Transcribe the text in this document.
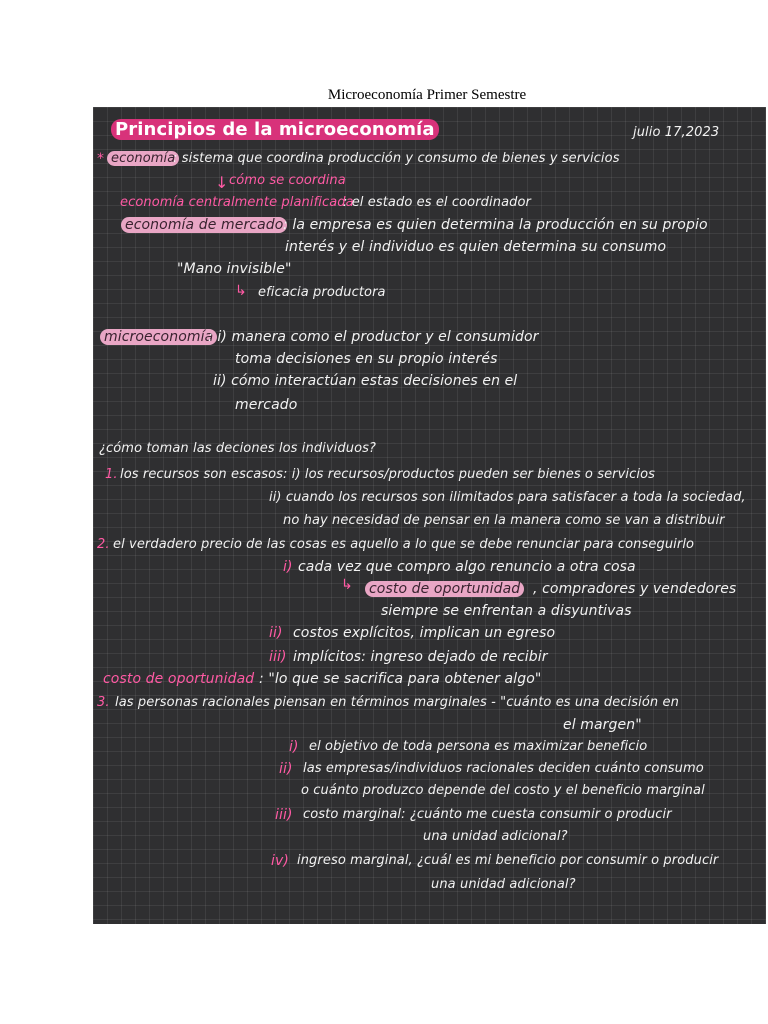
Microeconomía Primer Semestre
Principios de la microeconomía	julio 17,2023
* economía
: sistema que coordina producción y consumo de bienes y servicios
↓ cómo se coordina
economía centralmente planificada
: el estado es el coordinador
economía de mercado : la empresa es quien determina la producción en su propio
interés y el individuo es quien determina su consumo
"Mano invisible"
↳ eficacia productora
microeconomía
: i) manera como el productor y el consumidor
toma decisiones en su propio interés
ii) cómo interactúan estas decisiones en el
mercado
¿cómo toman las deciones los individuos?
1. los recursos son escasos: i) los recursos/productos pueden ser bienes o servicios
ii) cuando los recursos son ilimitados para satisfacer a toda la sociedad,
no hay necesidad de pensar en la manera como se van a distribuir
2. el verdadero precio de las cosas es aquello a lo que se debe renunciar para conseguirlo
i) cada vez que compro algo renuncio a otra cosa
↳ costo de oportunidad , compradores y vendedores
siempre se enfrentan a disyuntivas
ii) costos explícitos, implican un egreso
iii) implícitos: ingreso dejado de recibir
costo de oportunidad : "lo que se sacrifica para obtener algo"
3. las personas racionales piensan en términos marginales - "cuánto es una decisión en
el margen"
i) el objetivo de toda persona es maximizar beneficio
ii) las empresas/individuos racionales deciden cuánto consumo
o cuánto produzco depende del costo y el beneficio marginal
iii) costo marginal: ¿cuánto me cuesta consumir o producir
una unidad adicional?
iv) ingreso marginal, ¿cuál es mi beneficio por consumir o producir
una unidad adicional?
